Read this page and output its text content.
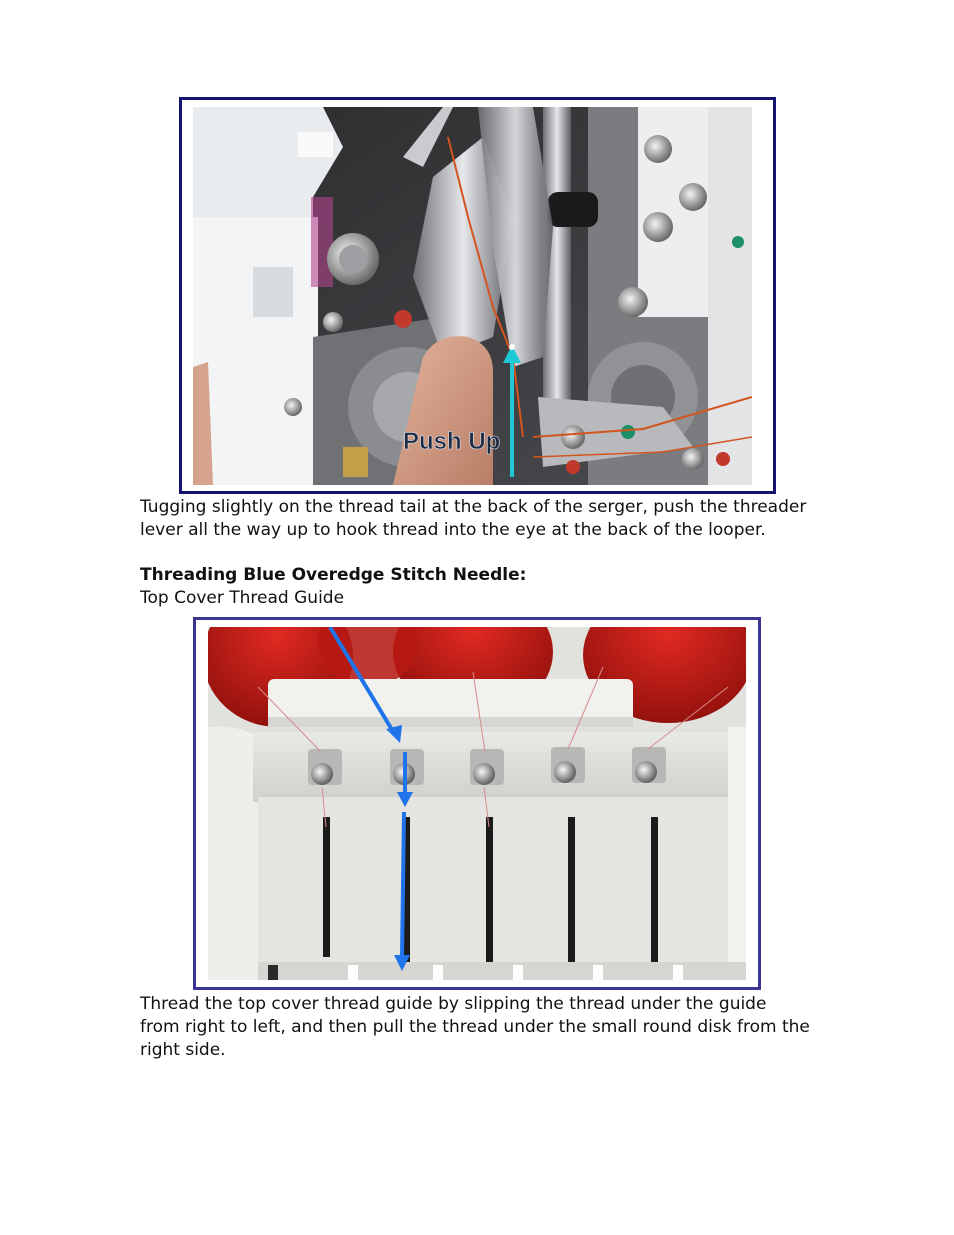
Push Up

Tugging slightly on the thread tail at the back of the serger, push the threader lever all the way up to hook thread into the eye at the back of the looper.

Threading Blue Overedge Stitch Needle:

Top Cover Thread Guide

Thread the top cover thread guide by slipping the thread under the guide from right to left, and then pull the thread under the small round disk from the right side.
